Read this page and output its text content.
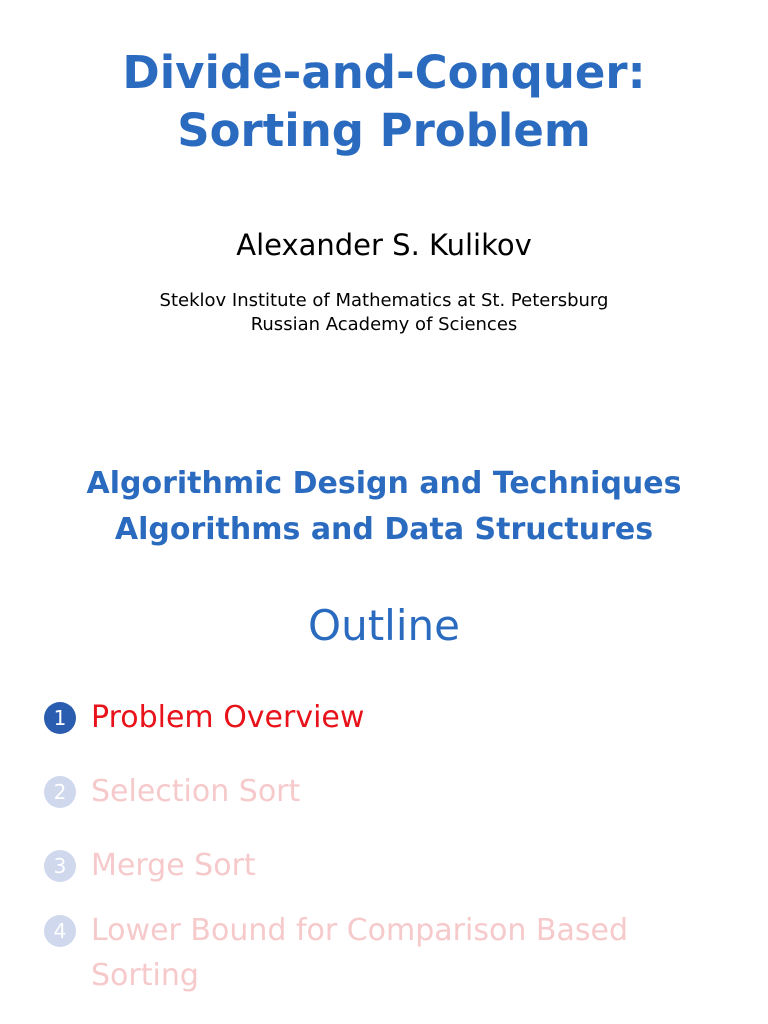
Divide-and-Conquer:
Sorting Problem
Alexander S. Kulikov
Steklov Institute of Mathematics at St. Petersburg
Russian Academy of Sciences
Algorithmic Design and Techniques
Algorithms and Data Structures
Outline
1 Problem Overview
2 Selection Sort
3 Merge Sort
4 Lower Bound for Comparison Based Sorting
